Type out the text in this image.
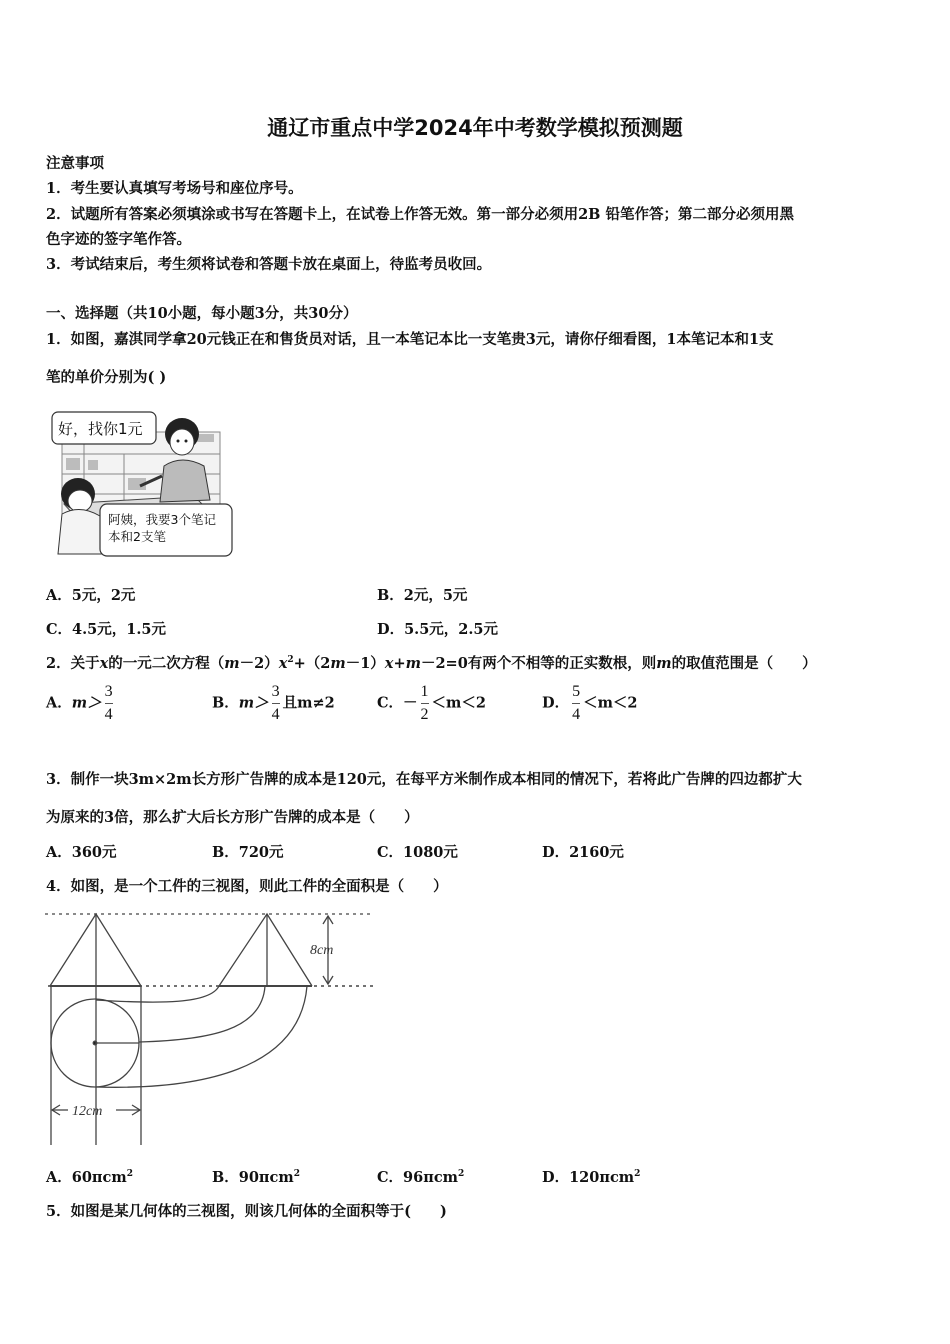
通辽市重点中学2024年中考数学模拟预测题
注意事项
1．考生要认真填写考场号和座位序号。
2．试题所有答案必须填涂或书写在答题卡上，在试卷上作答无效。第一部分必须用2B 铅笔作答；第二部分必须用黑
色字迹的签字笔作答。
3．考试结束后，考生须将试卷和答题卡放在桌面上，待监考员收回。
一、选择题（共10小题，每小题3分，共30分）
1．如图，嘉淇同学拿20元钱正在和售货员对话，且一本笔记本比一支笔贵3元，请你仔细看图，1本笔记本和1支
笔的单价分别为( )
好，找你1元
阿姨，我要3个笔记
本和2支笔
A．5元，2元	B．2元，5元
C．4.5元，1.5元	D．5.5元，2.5元
2．关于x的一元二次方程$(m-2)x^2+(2m-1)x+m-2=0$有两个不相等的正实数根，则m的取值范围是（　　）
A．$m> \frac{3}{4}$	B．$m> \frac{3}{4}$ 且m≠2	C．－ $\frac{1}{2} <m<2$	D． $\frac{5}{4} <m<2$
3．制作一块3m×2m长方形广告牌的成本是120元，在每平方米制作成本相同的情况下，若将此广告牌的四边都扩大
为原来的3倍，那么扩大后长方形广告牌的成本是（　　）
A．360元	B．720元	C．1080元	D．2160元
4．如图，是一个工件的三视图，则此工件的全面积是（　　）
8cm
12cm
A．60πcm$^2$	B．90πcm$^2$	C．96πcm$^2$	D．120πcm$^2$
5．如图是某几何体的三视图，则该几何体的全面积等于(　　)
